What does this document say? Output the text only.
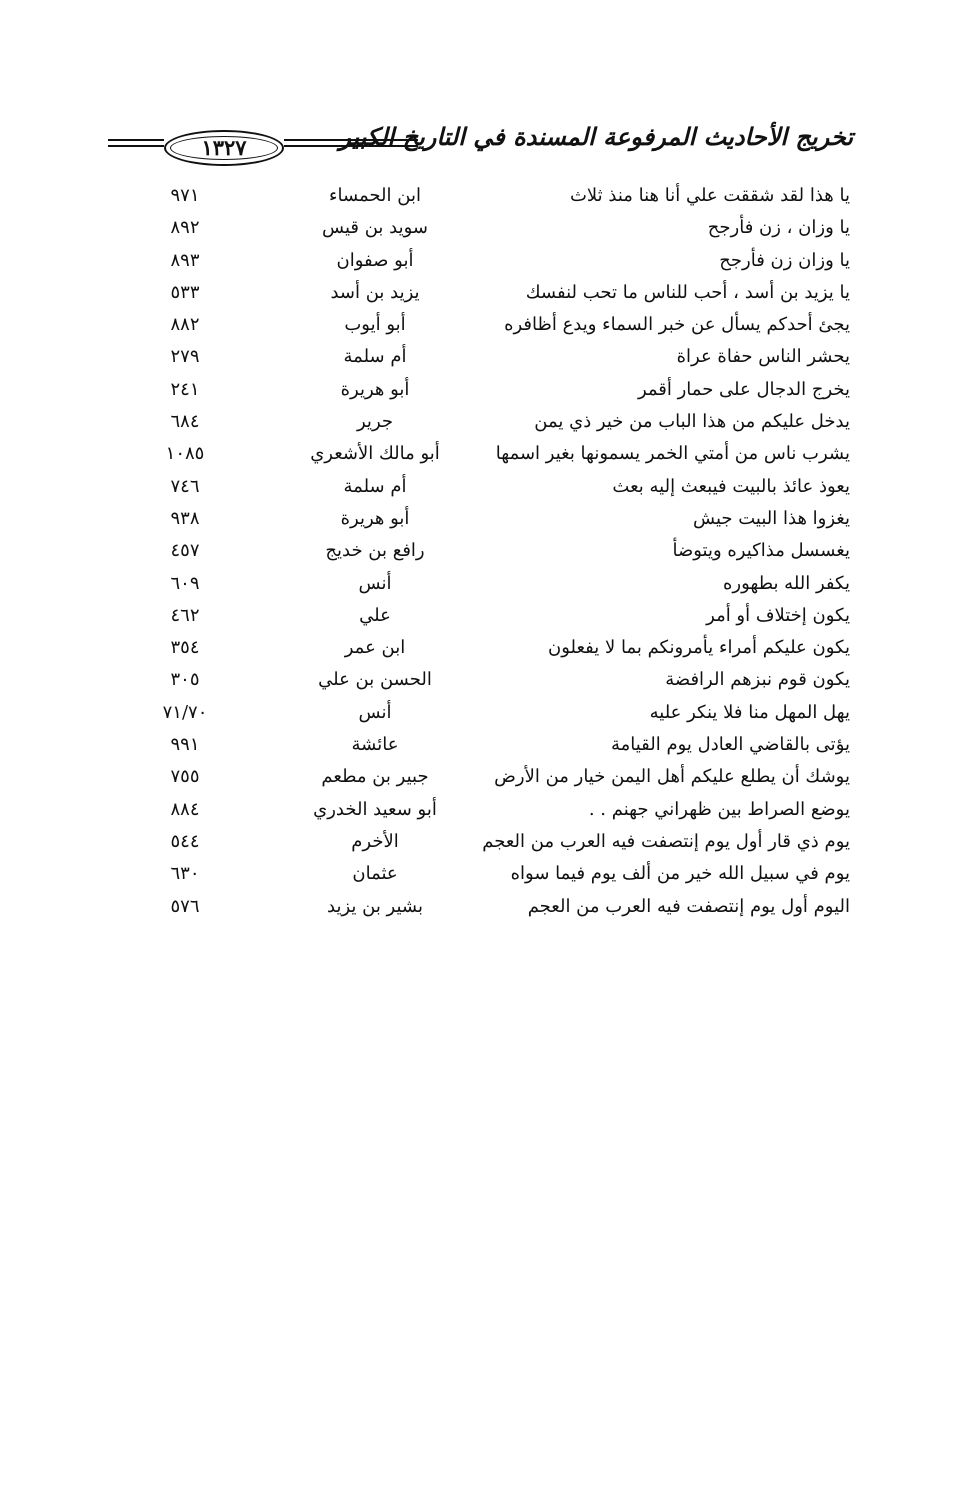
١٣٢٧	تخريج الأحاديث المرفوعة المسندة في التاريخ الكبير
يا هذا لقد شققت علي أنا هنا منذ ثلاث
ابن الحمساء
٩٧١
يا وزان ، زن فأرجح
سويد بن قيس
٨٩٢
يا وزان زن فأرجح
أبو صفوان
٨٩٣
يا يزيد بن أسد ، أحب للناس ما تحب لنفسك
يزيد بن أسد
٥٣٣
يجئ أحدكم يسأل عن خبر السماء ويدع أظافره
أبو أيوب
٨٨٢
يحشر الناس حفاة عراة
أم سلمة
٢٧٩
يخرج الدجال على حمار أقمر
أبو هريرة
٢٤١
يدخل عليكم من هذا الباب من خير ذي يمن
جرير
٦٨٤
يشرب ناس من أمتي الخمر يسمونها بغير اسمها
أبو مالك الأشعري
١٠٨٥
يعوذ عائذ بالبيت فيبعث إليه بعث
أم سلمة
٧٤٦
يغزوا هذا البيت جيش
أبو هريرة
٩٣٨
يغسسل مذاكيره ويتوضأ
رافع بن خديج
٤٥٧
يكفر الله بطهوره
أنس
٦٠٩
يكون إختلاف أو أمر
علي
٤٦٢
يكون عليكم أمراء يأمرونكم بما لا يفعلون
ابن عمر
٣٥٤
يكون قوم نبزهم الرافضة
الحسن بن علي
٣٠٥
يهل المهل منا فلا ينكر عليه
أنس
٧١/٧٠
يؤتى بالقاضي العادل يوم القيامة
عائشة
٩٩١
يوشك أن يطلع عليكم أهل اليمن خيار من الأرض
جبير بن مطعم
٧٥٥
يوضع الصراط بين ظهراني جهنم . .
أبو سعيد الخدري
٨٨٤
يوم ذي قار أول يوم إنتصفت فيه العرب من العجم
الأخرم
٥٤٤
يوم في سبيل الله خير من ألف يوم فيما سواه
عثمان
٦٣٠
اليوم أول يوم إنتصفت فيه العرب من العجم
بشير بن يزيد
٥٧٦
